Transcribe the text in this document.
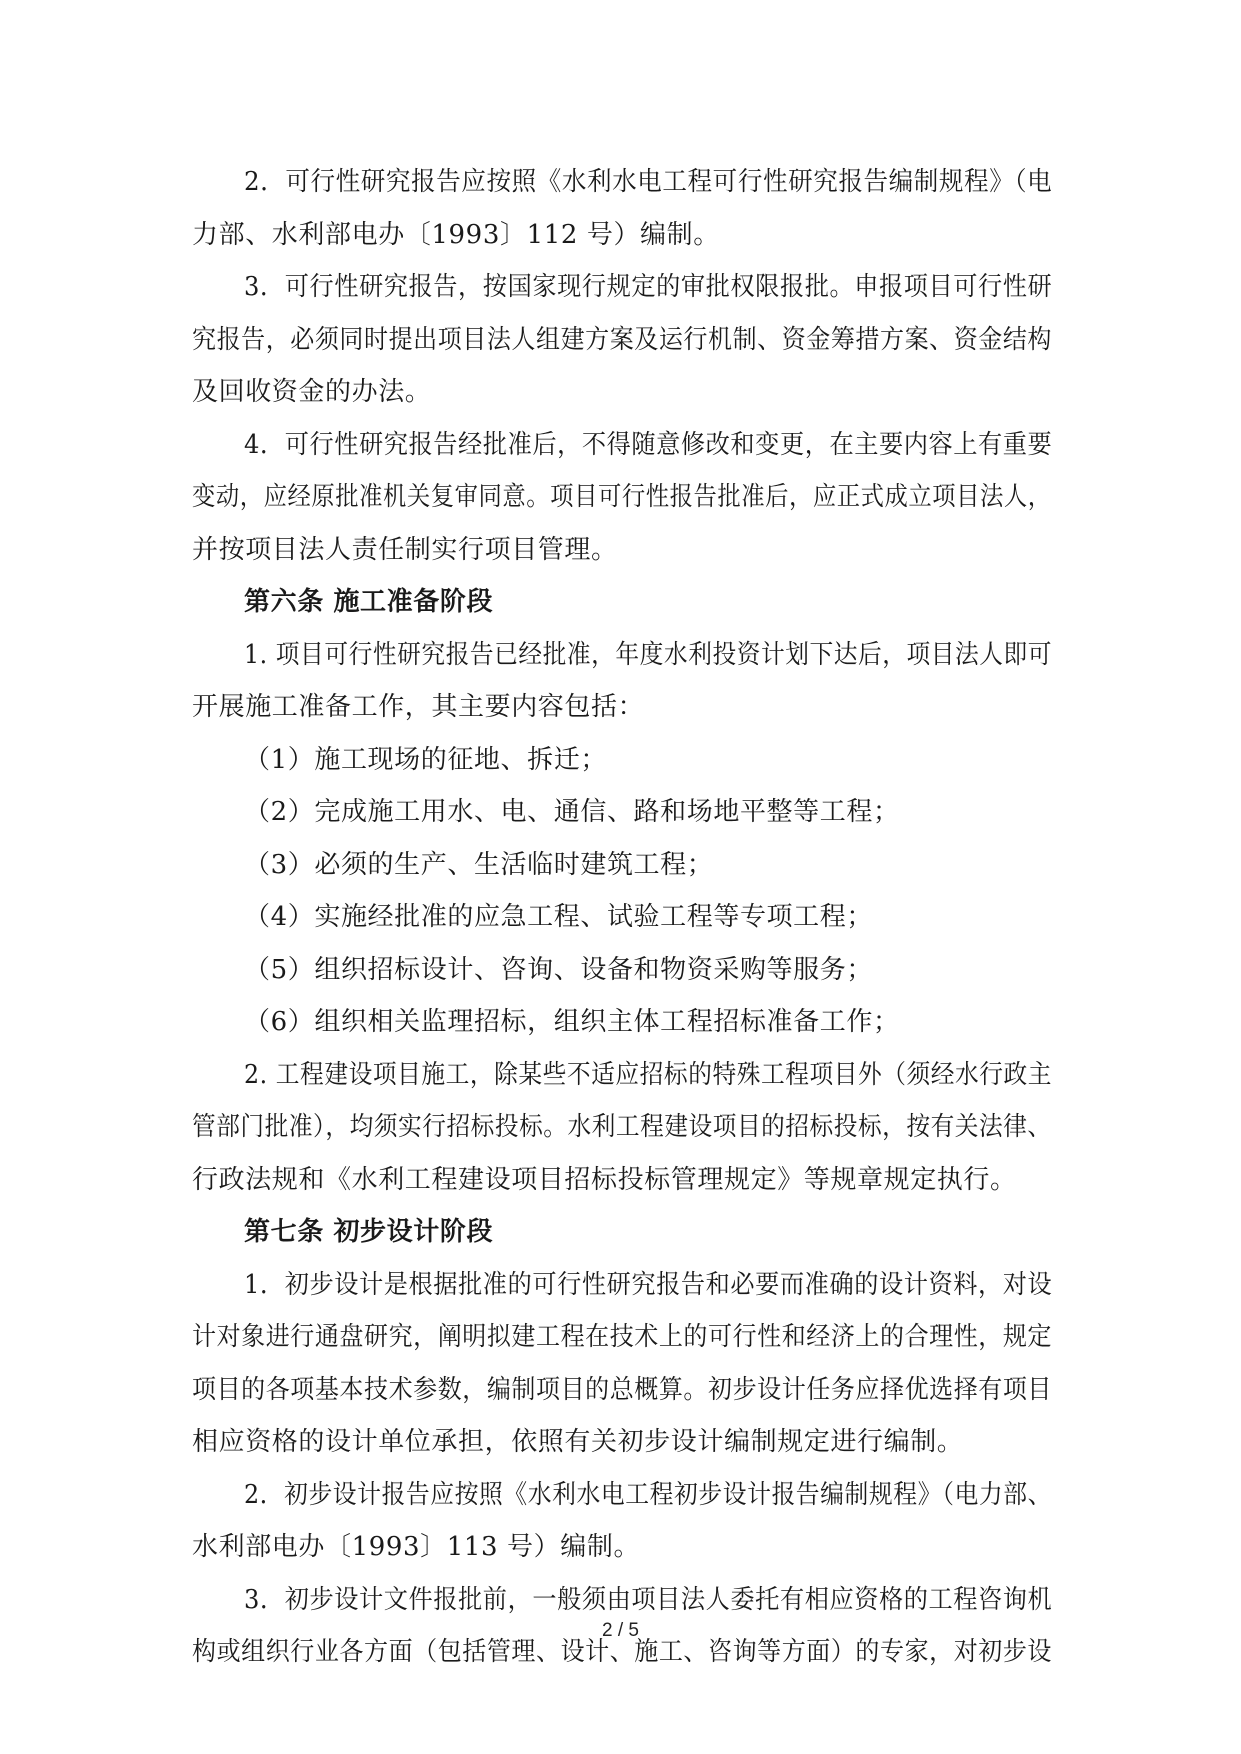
2．可行性研究报告应按照《水利水电工程可行性研究报告编制规程》（电
力部、水利部电办〔1993〕112 号）编制。
3．可行性研究报告，按国家现行规定的审批权限报批。申报项目可行性研
究报告，必须同时提出项目法人组建方案及运行机制、资金筹措方案、资金结构
及回收资金的办法。
4．可行性研究报告经批准后，不得随意修改和变更，在主要内容上有重要
变动，应经原批准机关复审同意。项目可行性报告批准后，应正式成立项目法人，
并按项目法人责任制实行项目管理。
第六条 施工准备阶段
1. 项目可行性研究报告已经批准，年度水利投资计划下达后，项目法人即可
开展施工准备工作，其主要内容包括：
（1）施工现场的征地、拆迁；
（2）完成施工用水、电、通信、路和场地平整等工程；
（3）必须的生产、生活临时建筑工程；
（4）实施经批准的应急工程、试验工程等专项工程；
（5）组织招标设计、咨询、设备和物资采购等服务；
（6）组织相关监理招标，组织主体工程招标准备工作；
2. 工程建设项目施工，除某些不适应招标的特殊工程项目外（须经水行政主
管部门批准），均须实行招标投标。水利工程建设项目的招标投标，按有关法律、
行政法规和《水利工程建设项目招标投标管理规定》等规章规定执行。
第七条 初步设计阶段
1．初步设计是根据批准的可行性研究报告和必要而准确的设计资料，对设
计对象进行通盘研究，阐明拟建工程在技术上的可行性和经济上的合理性，规定
项目的各项基本技术参数，编制项目的总概算。初步设计任务应择优选择有项目
相应资格的设计单位承担，依照有关初步设计编制规定进行编制。
2．初步设计报告应按照《水利水电工程初步设计报告编制规程》（电力部、
水利部电办〔1993〕113 号）编制。
3．初步设计文件报批前，一般须由项目法人委托有相应资格的工程咨询机
构或组织行业各方面（包括管理、设计、施工、咨询等方面）的专家，对初步设
2 / 5
